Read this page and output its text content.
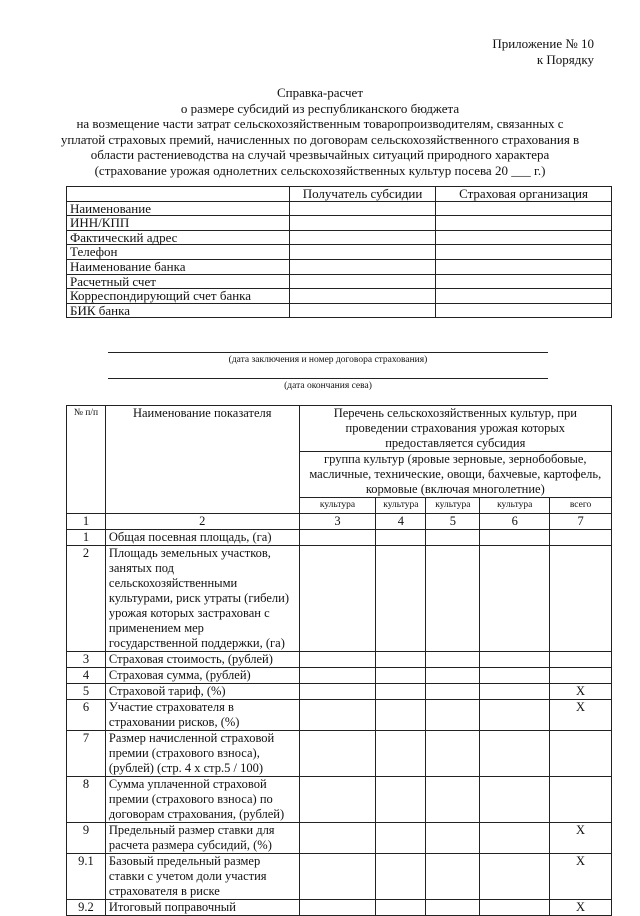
Приложение № 10
к Порядку
Справка-расчет
о размере субсидий из республиканского бюджета
на возмещение части затрат сельскохозяйственным товаропроизводителям, связанных с
уплатой страховых премий, начисленных по договорам сельскохозяйственного страхования в
области растениеводства на случай чрезвычайных ситуаций природного характера
(страхование урожая однолетних сельскохозяйственных культур посева 20 ___ г.)
	Получатель субсидии	Страховая организация
Наименование		
ИНН/КПП		
Фактический адрес		
Телефон		
Наименование банка		
Расчетный счет		
Корреспондирующий счет банка		
БИК банка		
(дата заключения и номер договора страхования)
(дата окончания сева)
№ п/п	Наименование показателя	Перечень сельскохозяйственных культур, при проведении страхования урожая которых предоставляется субсидия				
		группа культур (яровые зерновые, зернобобовые, масличные, технические, овощи, бахчевые, картофель, кормовые (включая многолетние)				
		культура	культура	культура	культура	всего
1	2	3	4	5	6	7
1	Общая посевная площадь, (га)					
2	Площадь земельных участков, занятых под сельскохозяйственными культурами, риск утраты (гибели) урожая которых застрахован с применением мер государственной поддержки, (га)					
3	Страховая стоимость, (рублей)					
4	Страховая сумма, (рублей)					
5	Страховой тариф, (%)					X
6	Участие страхователя в страховании рисков, (%)					X
7	Размер начисленной страховой премии (страхового взноса), (рублей) (стр. 4 х стр.5 / 100)					
8	Сумма уплаченной страховой премии (страхового взноса) по договорам страхования, (рублей)					
9	Предельный размер ставки для расчета размера субсидий, (%)					X
9.1	Базовый предельный размер ставки с учетом доли участия страхователя в риске					X
9.2	Итоговый поправочный					X
